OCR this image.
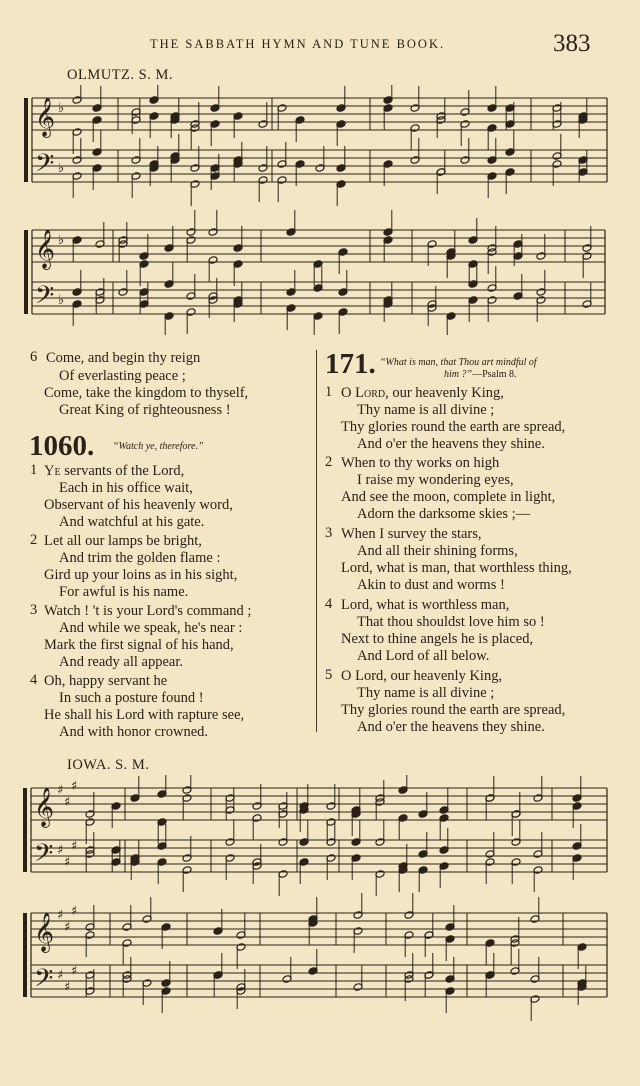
THE SABBATH HYMN AND TUNE BOOK.	383
OLMUTZ. S. M.
𝄞
𝄢
♭
♭
𝄞
𝄢
♭
♭
6 Come, and begin thy reign
Of everlasting peace ;
Come, take the kingdom to thyself,
Great King of righteousness !
1060. “Watch ye, therefore.”
1 Ye servants of the Lord,
Each in his office wait,
Observant of his heavenly word,
And watchful at his gate.
2 Let all our lamps be bright,
And trim the golden flame :
Gird up your loins as in his sight,
For awful is his name.
3 Watch ! 't is your Lord's command ;
And while we speak, he's near :
Mark the first signal of his hand,
And ready all appear.
4 Oh, happy servant he
In such a posture found !
He shall his Lord with rapture see,
And with honor crowned.
171. “What is man, that Thou art mindful of
him ?”—Psalm 8.
1 O Lord, our heavenly King,
Thy name is all divine ;
Thy glories round the earth are spread,
And o'er the heavens they shine.
2 When to thy works on high
I raise my wondering eyes,
And see the moon, complete in light,
Adorn the darksome skies ;—
3 When I survey the stars,
And all their shining forms,
Lord, what is man, that worthless thing,
Akin to dust and worms !
4 Lord, what is worthless man,
That thou shouldst love him so !
Next to thine angels he is placed,
And Lord of all below.
5 O Lord, our heavenly King,
Thy name is all divine ;
Thy glories round the earth are spread,
And o'er the heavens they shine.
IOWA. S. M.
𝄞
𝄢
♯
♯
♯
♯
♯
♯
𝄞
𝄢
♯
♯
♯
♯
♯
♯
